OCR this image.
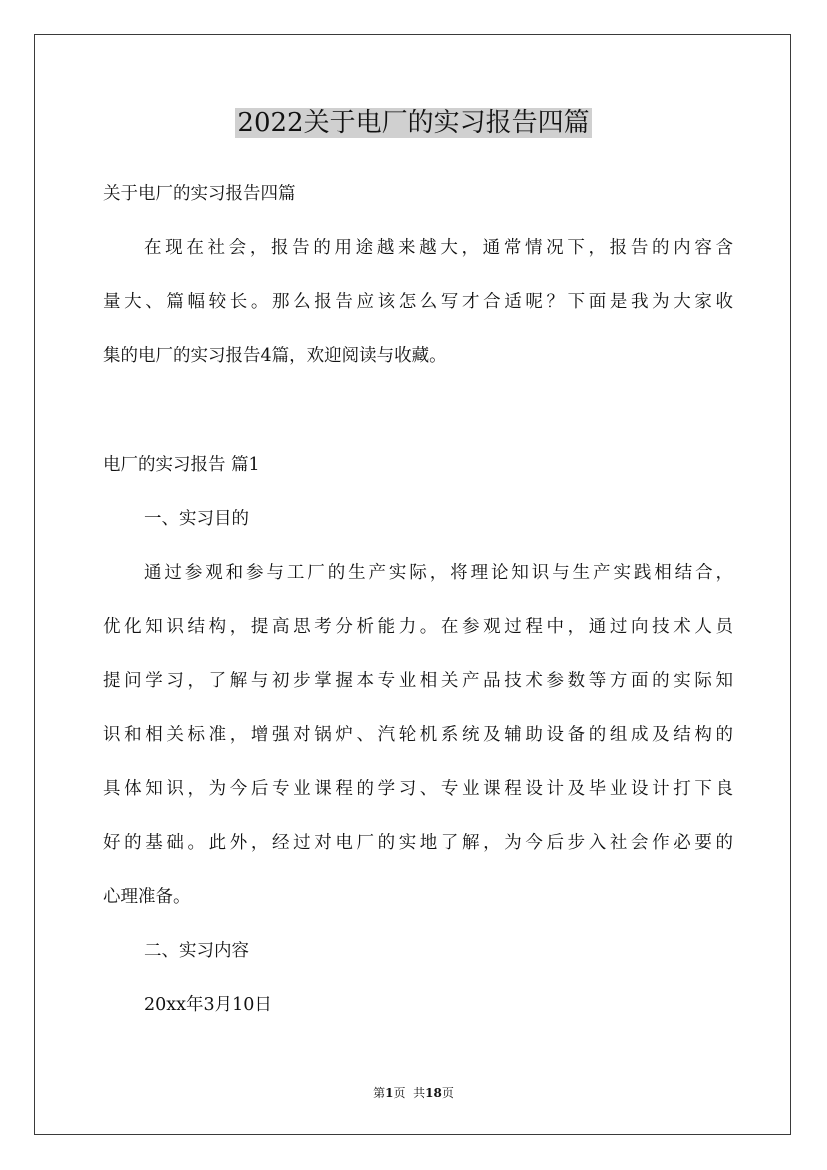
2022关于电厂的实习报告四篇

关于电厂的实习报告四篇

在现在社会，报告的用途越来越大，通常情况下，报告的内容含

量大、篇幅较长。那么报告应该怎么写才合适呢？下面是我为大家收

集的电厂的实习报告4篇，欢迎阅读与收藏。

电厂的实习报告 篇1

一、实习目的

通过参观和参与工厂的生产实际，将理论知识与生产实践相结合，

优化知识结构，提高思考分析能力。在参观过程中，通过向技术人员

提问学习，了解与初步掌握本专业相关产品技术参数等方面的实际知

识和相关标准，增强对锅炉、汽轮机系统及辅助设备的组成及结构的

具体知识，为今后专业课程的学习、专业课程设计及毕业设计打下良

好的基础。此外，经过对电厂的实地了解，为今后步入社会作必要的

心理准备。

二、实习内容

20xx年3月10日

第1页  共18页
